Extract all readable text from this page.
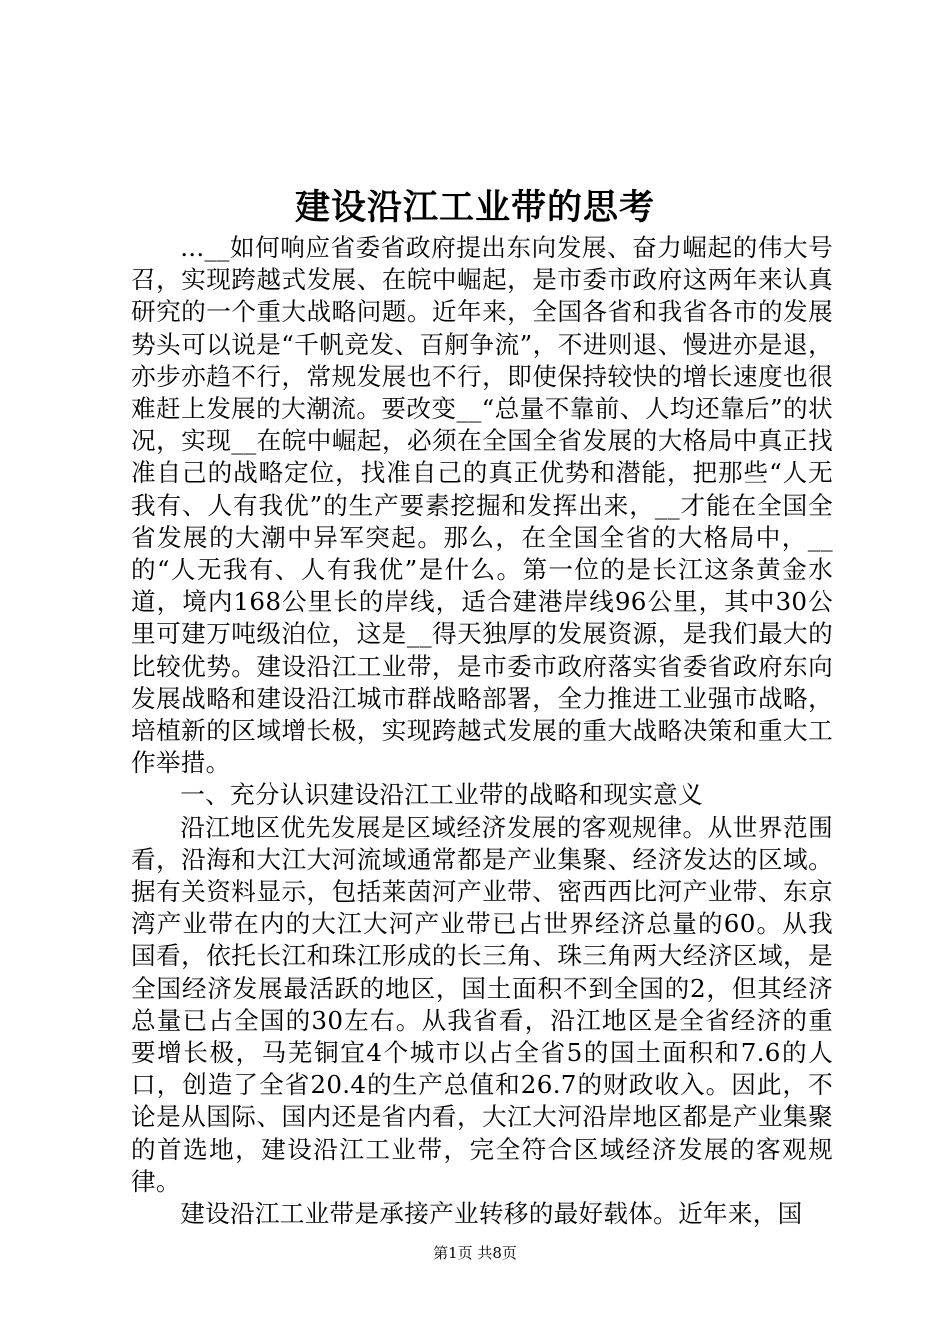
建设沿江工业带的思考

...__如何响应省委省政府提出东向发展、奋力崛起的伟大号召，实现跨越式发展、在皖中崛起，是市委市政府这两年来认真研究的一个重大战略问题。近年来，全国各省和我省各市的发展势头可以说是“千帆竞发、百舸争流”，不进则退、慢进亦是退，亦步亦趋不行，常规发展也不行，即使保持较快的增长速度也很难赶上发展的大潮流。要改变__“总量不靠前、人均还靠后”的状况，实现__在皖中崛起，必须在全国全省发展的大格局中真正找准自己的战略定位，找准自己的真正优势和潜能，把那些“人无我有、人有我优”的生产要素挖掘和发挥出来，__才能在全国全省发展的大潮中异军突起。那么，在全国全省的大格局中，__的“人无我有、人有我优”是什么。第一位的是长江这条黄金水道，境内168公里长的岸线，适合建港岸线96公里，其中30公里可建万吨级泊位，这是__得天独厚的发展资源，是我们最大的比较优势。建设沿江工业带，是市委市政府落实省委省政府东向发展战略和建设沿江城市群战略部署，全力推进工业强市战略，培植新的区域增长极，实现跨越式发展的重大战略决策和重大工作举措。

一、充分认识建设沿江工业带的战略和现实意义

沿江地区优先发展是区域经济发展的客观规律。从世界范围看，沿海和大江大河流域通常都是产业集聚、经济发达的区域。据有关资料显示，包括莱茵河产业带、密西西比河产业带、东京湾产业带在内的大江大河产业带已占世界经济总量的60。从我国看，依托长江和珠江形成的长三角、珠三角两大经济区域，是全国经济发展最活跃的地区，国土面积不到全国的2，但其经济总量已占全国的30左右。从我省看，沿江地区是全省经济的重要增长极，马芜铜宜4个城市以占全省5的国土面积和7.6的人口，创造了全省20.4的生产总值和26.7的财政收入。因此，不论是从国际、国内还是省内看，大江大河沿岸地区都是产业集聚的首选地，建设沿江工业带，完全符合区域经济发展的客观规律。

建设沿江工业带是承接产业转移的最好载体。近年来，国

第1页 共8页
